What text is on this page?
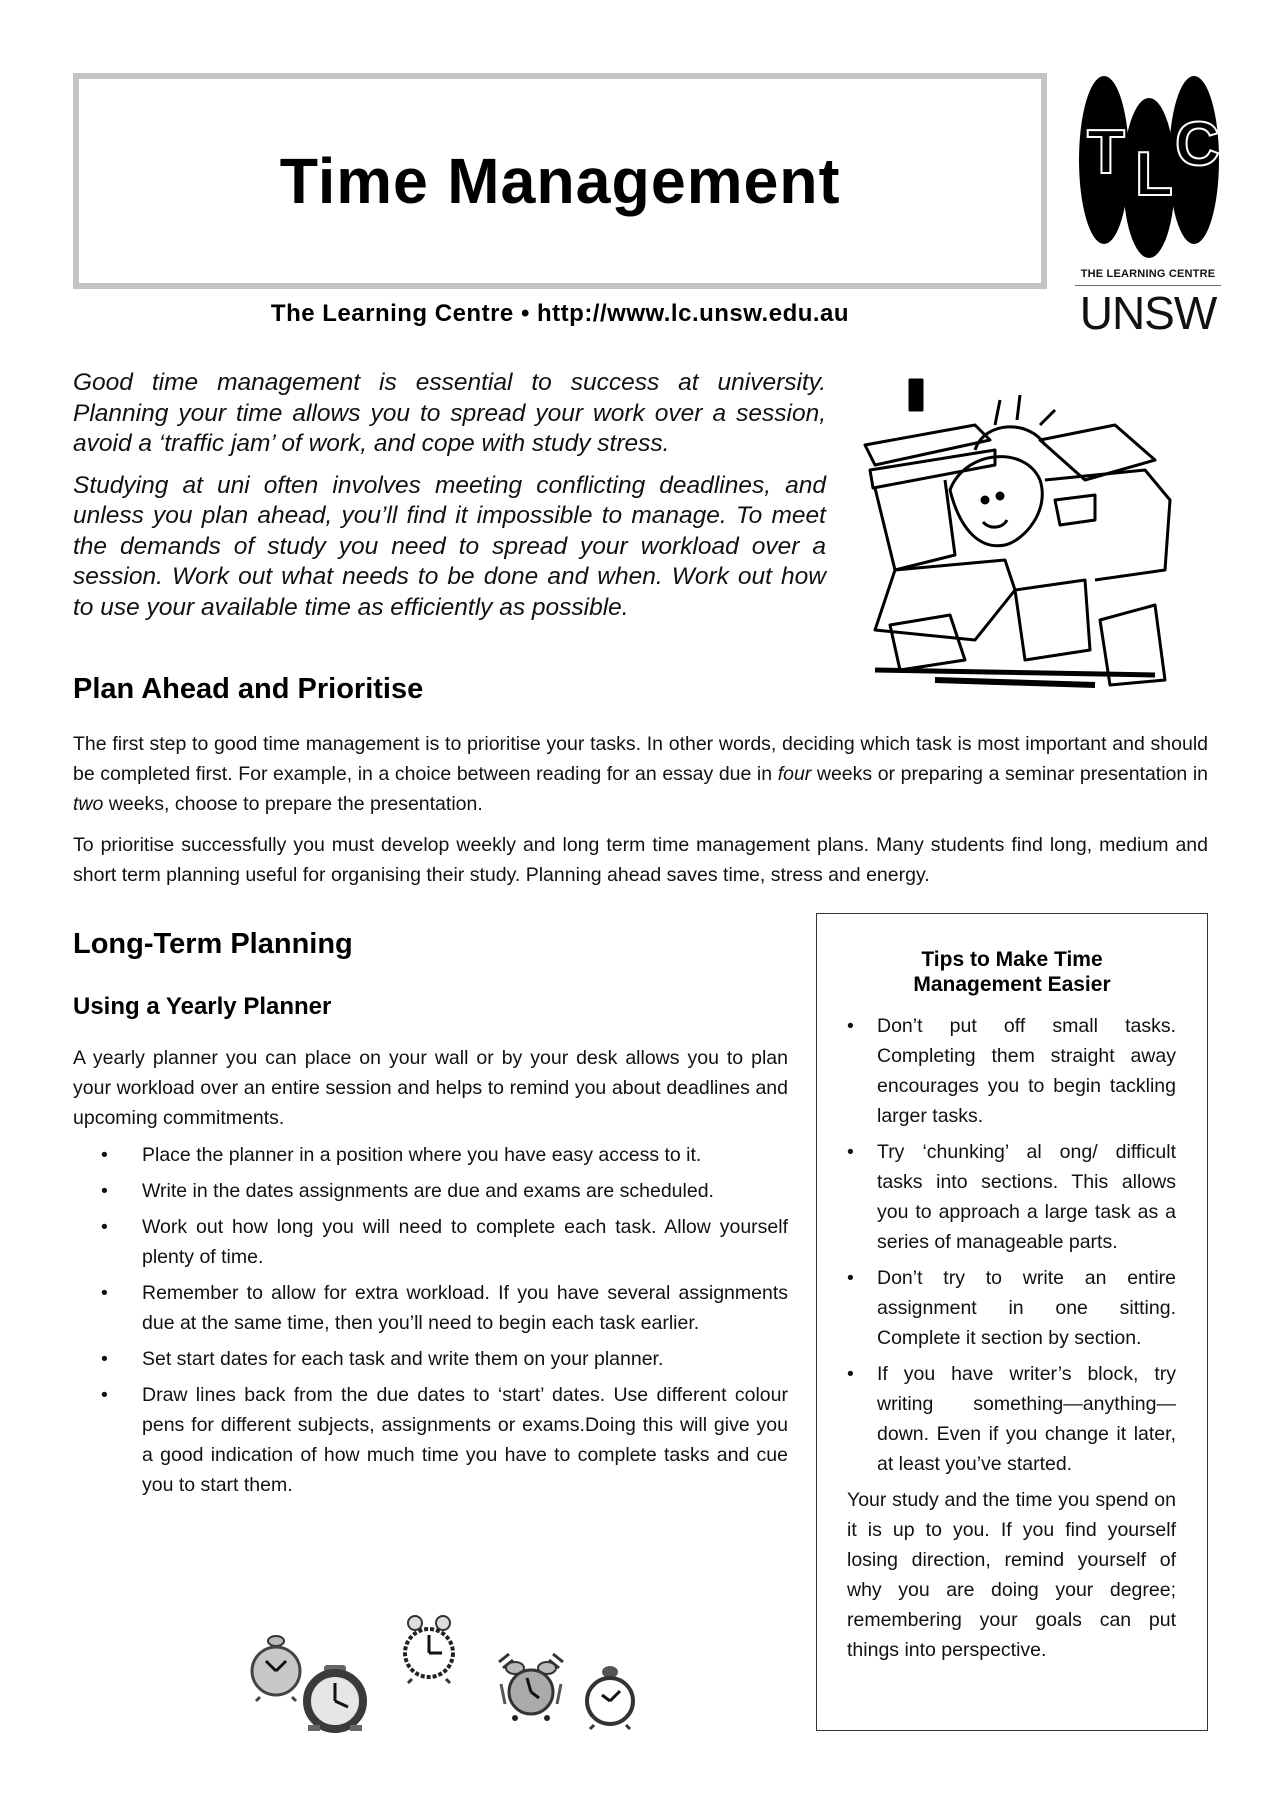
Time Management
The Learning Centre • http://www.lc.unsw.edu.au
T L C
THE LEARNING CENTRE
UNSW

Good time management is essential to success at university. Planning your time allows you to spread your work over a session, avoid a ‘traffic jam’ of work, and cope with study stress.

Studying at uni often involves meeting conflicting deadlines, and unless you plan ahead, you’ll find it impossible to manage. To meet the demands of study you need to spread your workload over a session. Work out what needs to be done and when. Work out how to use your available time as efficiently as possible.

Plan Ahead and Prioritise

The first step to good time management is to prioritise your tasks. In other words, deciding which task is most important and should be completed first. For example, in a choice between reading for an essay due in four weeks or preparing a seminar presentation in two weeks, choose to prepare the presentation.

To prioritise successfully you must develop weekly and long term time management plans. Many students find long, medium and short term planning useful for organising their study. Planning ahead saves time, stress and energy.

Long-Term Planning
Using a Yearly Planner

A yearly planner you can place on your wall or by your desk allows you to plan your workload over an entire session and helps to remind you about deadlines and upcoming commitments.

• Place the planner in a position where you have easy access to it.
• Write in the dates assignments are due and exams are scheduled.
• Work out how long you will need to complete each task. Allow yourself plenty of time.
• Remember to allow for extra workload. If you have several assignments due at the same time, then you’ll need to begin each task earlier.
• Set start dates for each task and write them on your planner.
• Draw lines back from the due dates to ‘start’ dates. Use different colour pens for different subjects, assignments or exams.Doing this will give you a good indication of how much time you have to complete tasks and cue you to start them.
Tips to Make Time
Management Easier
• Don’t put off small tasks. Completing them straight away encourages you to begin tackling larger tasks.
• Try ‘chunking’ al ong/ difficult tasks into sections. This allows you to approach a large task as a series of manageable parts.
• Don’t try to write an entire assignment in one sitting. Complete it section by section.
• If you have writer’s block, try writing something—anything—down. Even if you change it later, at least you’ve started.

Your study and the time you spend on it is up to you. If you find yourself losing direction, remind yourself of why you are doing your degree; remembering your goals can put things into perspective.
